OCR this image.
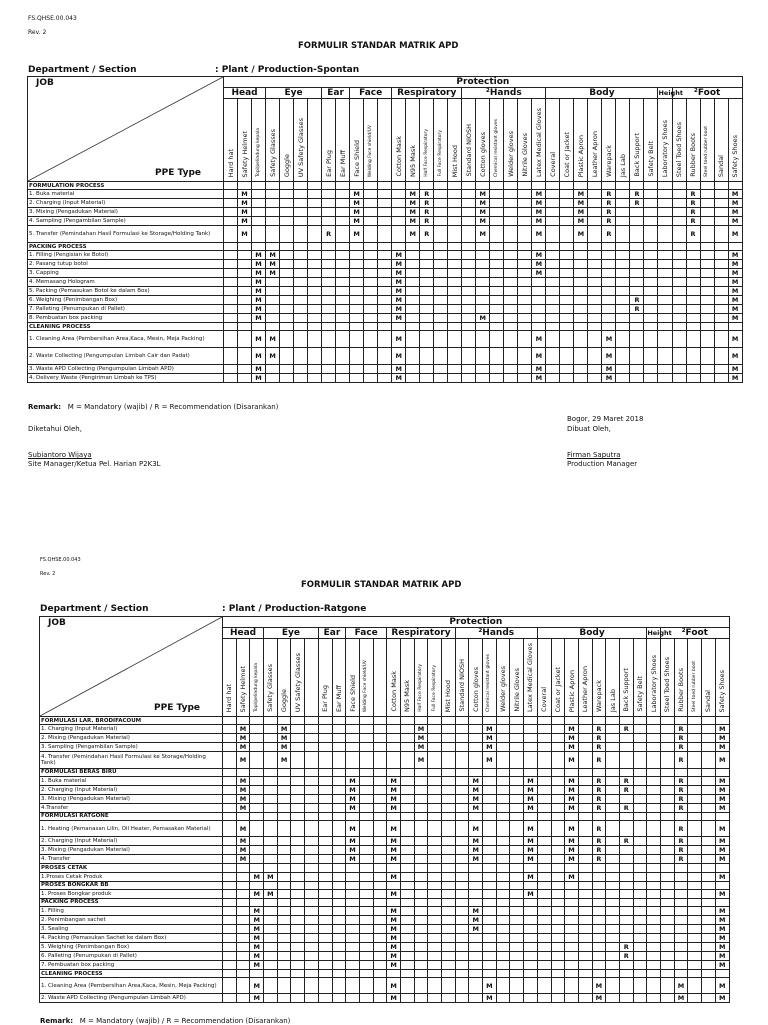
FS.QHSE.00.043
Rev. 2
FORMULIR STANDAR MATRIK APD
Department / Section	: Plant / Production-Spontan
JOB
PPE Type	Protection																																				
	Head			Eye				Ear		Face			Respiratory					²Hands						Body								Height	²Foot				
	Hard hat	Safety Helmet	Topi/pelindung kepala	Safety Glasses	Goggle	UV Safety Glasses		Ear Plug	Ear Muff	Face Shield	Welding Face shield/UV		Cotton Mask	N95 Mask	Half Face Respiratory	Full Face Respiratory	Mist Hood	Standard NIOSH	Cotton gloves	Chemical resistant gloves	Welder gloves	Nitrile Gloves	Latex Medical Gloves	Coveral	Coat or Jacket	Plastic Apron	Leather Apron	Warepack	Jas Lab	Back Support	Safety Belt	Laboratory Shoes	Steel Toed Shoes	Rubber Boots	Steel toed rubber boot	Sandal	Safety Shoes
FORMULATION PROCESS																																					
1. Buka material		M								M				M	R				M				M			M		R		R				R			M
2. Charging (Input Material)		M								M				M	R				M				M			M		R		R				R			M
3. Mixing (Pengadukan Material)		M								M				M	R				M				M			M		R						R			M
4. Sampling (Pengambilan Sample)		M								M				M	R				M				M			M		R						R			M
5. Transfer (Pemindahan Hasil Formulasi ke Storage/Holding Tank)		M						R		M				M	R				M				M			M		R						R			M
PACKING PROCESS																																					
1. Filling (Pengisian ke Botol)			M	M									M										M														M
2. Pasang tutup botol			M	M									M										M														M
3. Capping			M	M									M										M														M
4. Memasang Hologram			M										M																								M
5. Packing (Pemasukan Botol ke dalam Box)			M										M																								M
6. Weighing (Penimbangan Box)			M										M																	R							M
7. Palleting (Penumpukan di Pallet)			M										M																	R							M
8. Pembuatan box packing			M										M						M																		M
CLEANING PROCESS																																					
1. Cleaning Area (Pembersihan Area,Kaca, Mesin, Meja Packing)			M	M									M										M					M									M
2. Waste Collecting (Pengumpulan Limbah Cair dan Padat)			M	M									M										M					M									M
3. Waste APD Collecting (Pengumpulan Limbah APD)			M										M										M					M									M
4. Delivery Waste (Pengiriman Limbah ke TPS)			M										M										M					M									M
Remark: M = Mandatory (wajib) / R = Recommendation (Disarankan)
Bogor, 29 Maret 2018
Diketahui Oleh,	Dibuat Oleh,
Subiantoro Wijaya
Site Manager/Ketua Pel. Harian P2K3L
Firman Saputra
Production Manager
FS.QHSE.00.043
Rev. 2
FORMULIR STANDAR MATRIK APD
Department / Section	: Plant / Production-Ratgone
JOB
PPE Type	Protection																																				
	Head			Eye				Ear		Face			Respiratory					²Hands						Body								Height	²Foot				
	Hard hat	Safety Helmet	Topi/pelindung kepala	Safety Glasses	Goggle	UV Safety Glasses		Ear Plug	Ear Muff	Face Shield	Welding Face shield/UV		Cotton Mask	N95 Mask	Half Face Respiratory	Full Face Respiratory	Mist Hood	Standard NIOSH	Cotton gloves	Chemical resistant gloves	Welder gloves	Nitrile Gloves	Latex Medical Gloves	Coveral	Coat or Jacket	Plastic Apron	Leather Apron	Warepack	Jas Lab	Back Support	Safety Belt	Laboratory Shoes	Steel Toed Shoes	Rubber Boots	Steel toed rubber boot	Sandal	Safety Shoes
FORMULASI LAR. BRODIFACOUM																																					
1. Charging (Input Material)		M			M										M					M						M		R		R				R			M
2. Mixing (Pengadukan Material)		M			M										M					M						M		R						R			M
3. Sampling (Pengambilan Sample)		M			M										M					M						M		R						R			M
4. Transfer (Pemindahan Hasil Formulasi ke Storage/Holding Tank)		M			M										M					M						M		R						R			M
FORMULASI BERAS BIRU																																					
1. Buka material		M								M			M						M				M			M		R		R				R			M
2. Charging (Input Material)		M								M			M						M				M			M		R		R				R			M
3. Mixing (Pengadukan Material)		M								M			M						M				M			M		R						R			M
4.Transfer		M								M			M						M				M			M		R		R				R			M
FORMULASI RATGONE																																					
1. Heating (Pemanasan Lilin, Oil Heater, Pemasakan Material)		M								M			M						M				M			M		R						R			M
2. Charging (Input Material)		M								M			M						M				M			M		R		R				R			M
3. Mixing (Pengadukan Material)		M								M			M						M				M			M		R						R			M
4. Transfer		M								M			M						M				M			M		R						R			M
PROSES CETAK																																					
1.Proses Cetak Produk			M	M									M										M			M											M
PROSES BONGKAR BB																																					
1. Proses Bongkar produk			M	M									M										M														M
PACKING PROCESS																																					
1. Filling			M										M						M																		M
2. Penimbangan sachet			M										M						M																		M
3. Sealing			M										M						M																		M
4. Packing (Pemasukan Sachet ke dalam Box)			M										M																								M
5. Weighing (Penimbangan Box)			M										M																	R							M
6. Palleting (Penumpukan di Pallet)			M										M																	R							M
7. Pembuatan box packing			M										M																								M
CLEANING PROCESS																																					
1. Cleaning Area (Pembersihan Area,Kaca, Mesin, Meja Packing)			M										M							M								M						M			M
2. Waste APD Collecting (Pengumpulan Limbah APD)			M										M							M								M						M			M
Remark: M = Mandatory (wajib) / R = Recommendation (Disarankan)
